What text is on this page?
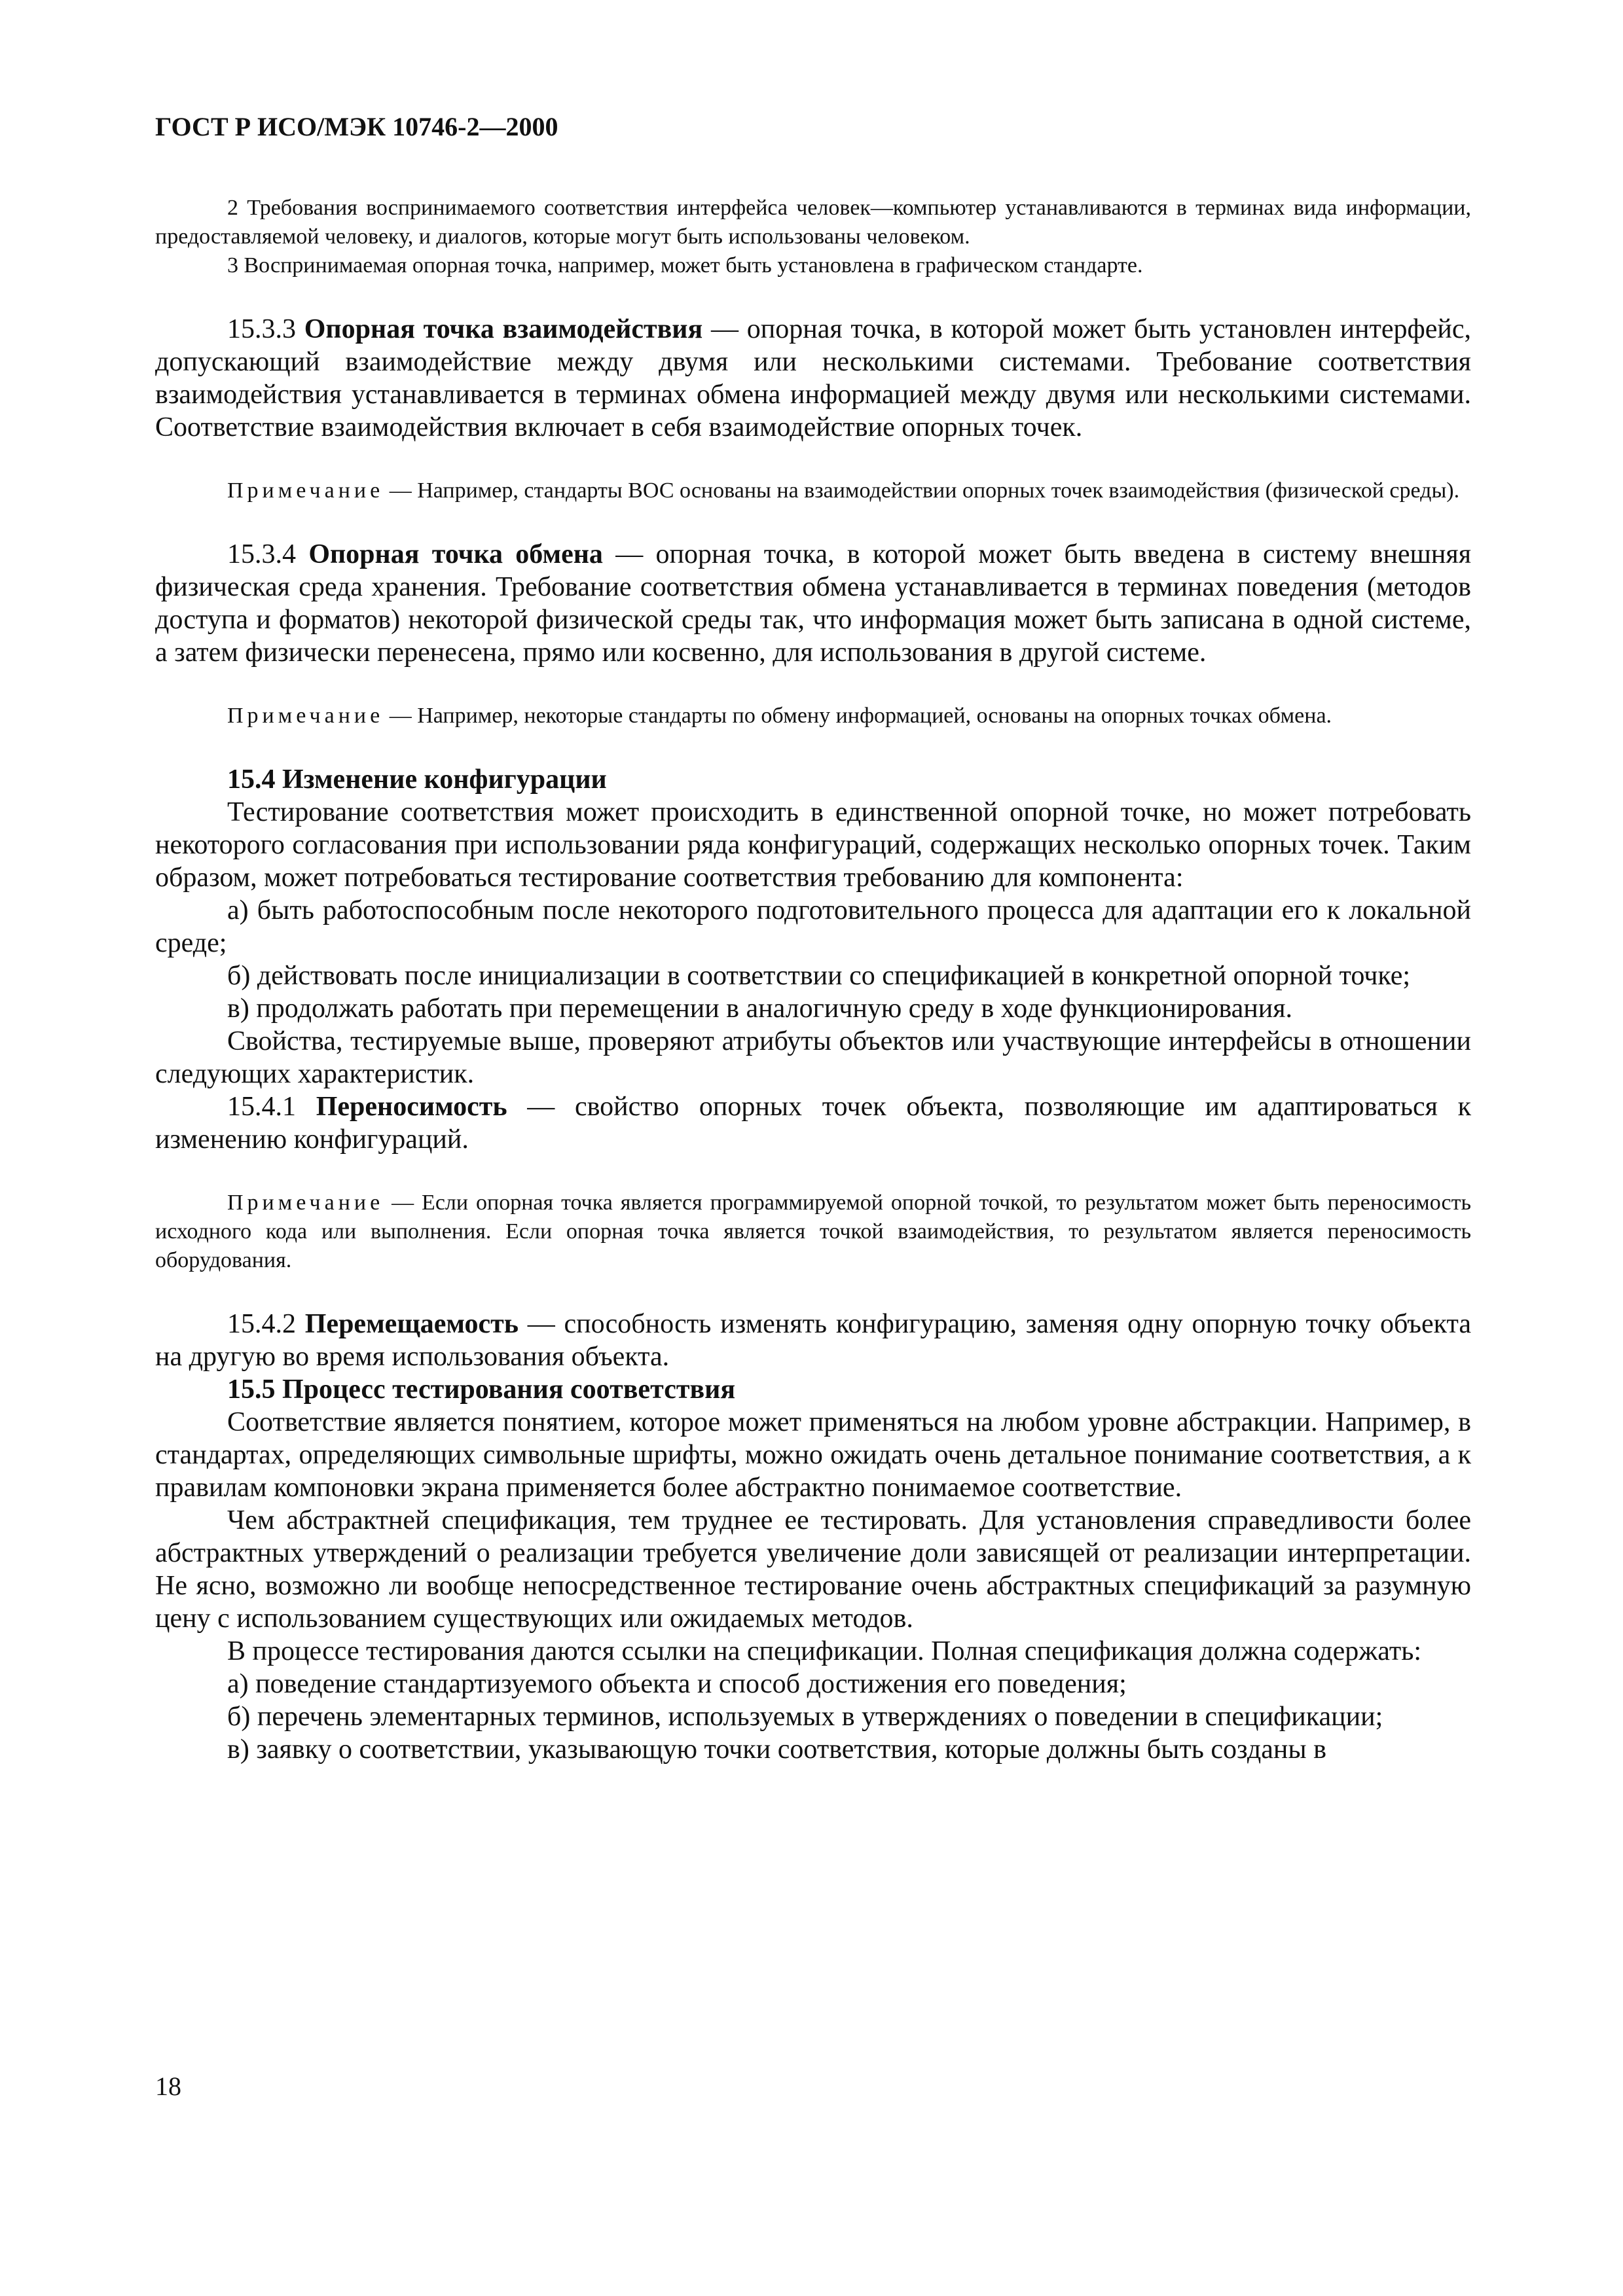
ГОСТ Р ИСО/МЭК 10746-2—2000

2 Требования воспринимаемого соответствия интерфейса человек—компьютер устанавливаются в терминах вида информации, предоставляемой человеку, и диалогов, которые могут быть использованы человеком.

3 Воспринимаемая опорная точка, например, может быть установлена в графическом стандарте.

15.3.3 Опорная точка взаимодействия — опорная точка, в которой может быть установлен интерфейс, допускающий взаимодействие между двумя или несколькими системами. Требование соответствия взаимодействия устанавливается в терминах обмена информацией между двумя или несколькими системами. Соответствие взаимодействия включает в себя взаимодействие опорных точек.

Примечание — Например, стандарты ВОС основаны на взаимодействии опорных точек взаимодействия (физической среды).

15.3.4 Опорная точка обмена — опорная точка, в которой может быть введена в систему внешняя физическая среда хранения. Требование соответствия обмена устанавливается в терминах поведения (методов доступа и форматов) некоторой физической среды так, что информация может быть записана в одной системе, а затем физически перенесена, прямо или косвенно, для использования в другой системе.

Примечание — Например, некоторые стандарты по обмену информацией, основаны на опорных точках обмена.

15.4 Изменение конфигурации

Тестирование соответствия может происходить в единственной опорной точке, но может потребовать некоторого согласования при использовании ряда конфигураций, содержащих несколько опорных точек. Таким образом, может потребоваться тестирование соответствия требованию для компонента:

а) быть работоспособным после некоторого подготовительного процесса для адаптации его к локальной среде;

б) действовать после инициализации в соответствии со спецификацией в конкретной опорной точке;

в) продолжать работать при перемещении в аналогичную среду в ходе функционирования.

Свойства, тестируемые выше, проверяют атрибуты объектов или участвующие интерфейсы в отношении следующих характеристик.

15.4.1 Переносимость — свойство опорных точек объекта, позволяющие им адаптироваться к изменению конфигураций.

Примечание — Если опорная точка является программируемой опорной точкой, то результатом может быть переносимость исходного кода или выполнения. Если опорная точка является точкой взаимодействия, то результатом является переносимость оборудования.

15.4.2 Перемещаемость — способность изменять конфигурацию, заменяя одну опорную точку объекта на другую во время использования объекта.

15.5 Процесс тестирования соответствия

Соответствие является понятием, которое может применяться на любом уровне абстракции. Например, в стандартах, определяющих символьные шрифты, можно ожидать очень детальное понимание соответствия, а к правилам компоновки экрана применяется более абстрактно понимаемое соответствие.

Чем абстрактней спецификация, тем труднее ее тестировать. Для установления справедливости более абстрактных утверждений о реализации требуется увеличение доли зависящей от реализации интерпретации. Не ясно, возможно ли вообще непосредственное тестирование очень абстрактных спецификаций за разумную цену с использованием существующих или ожидаемых методов.

В процессе тестирования даются ссылки на спецификации. Полная спецификация должна содержать:

а) поведение стандартизуемого объекта и способ достижения его поведения;

б) перечень элементарных терминов, используемых в утверждениях о поведении в спецификации;

в) заявку о соответствии, указывающую точки соответствия, которые должны быть созданы в

18
